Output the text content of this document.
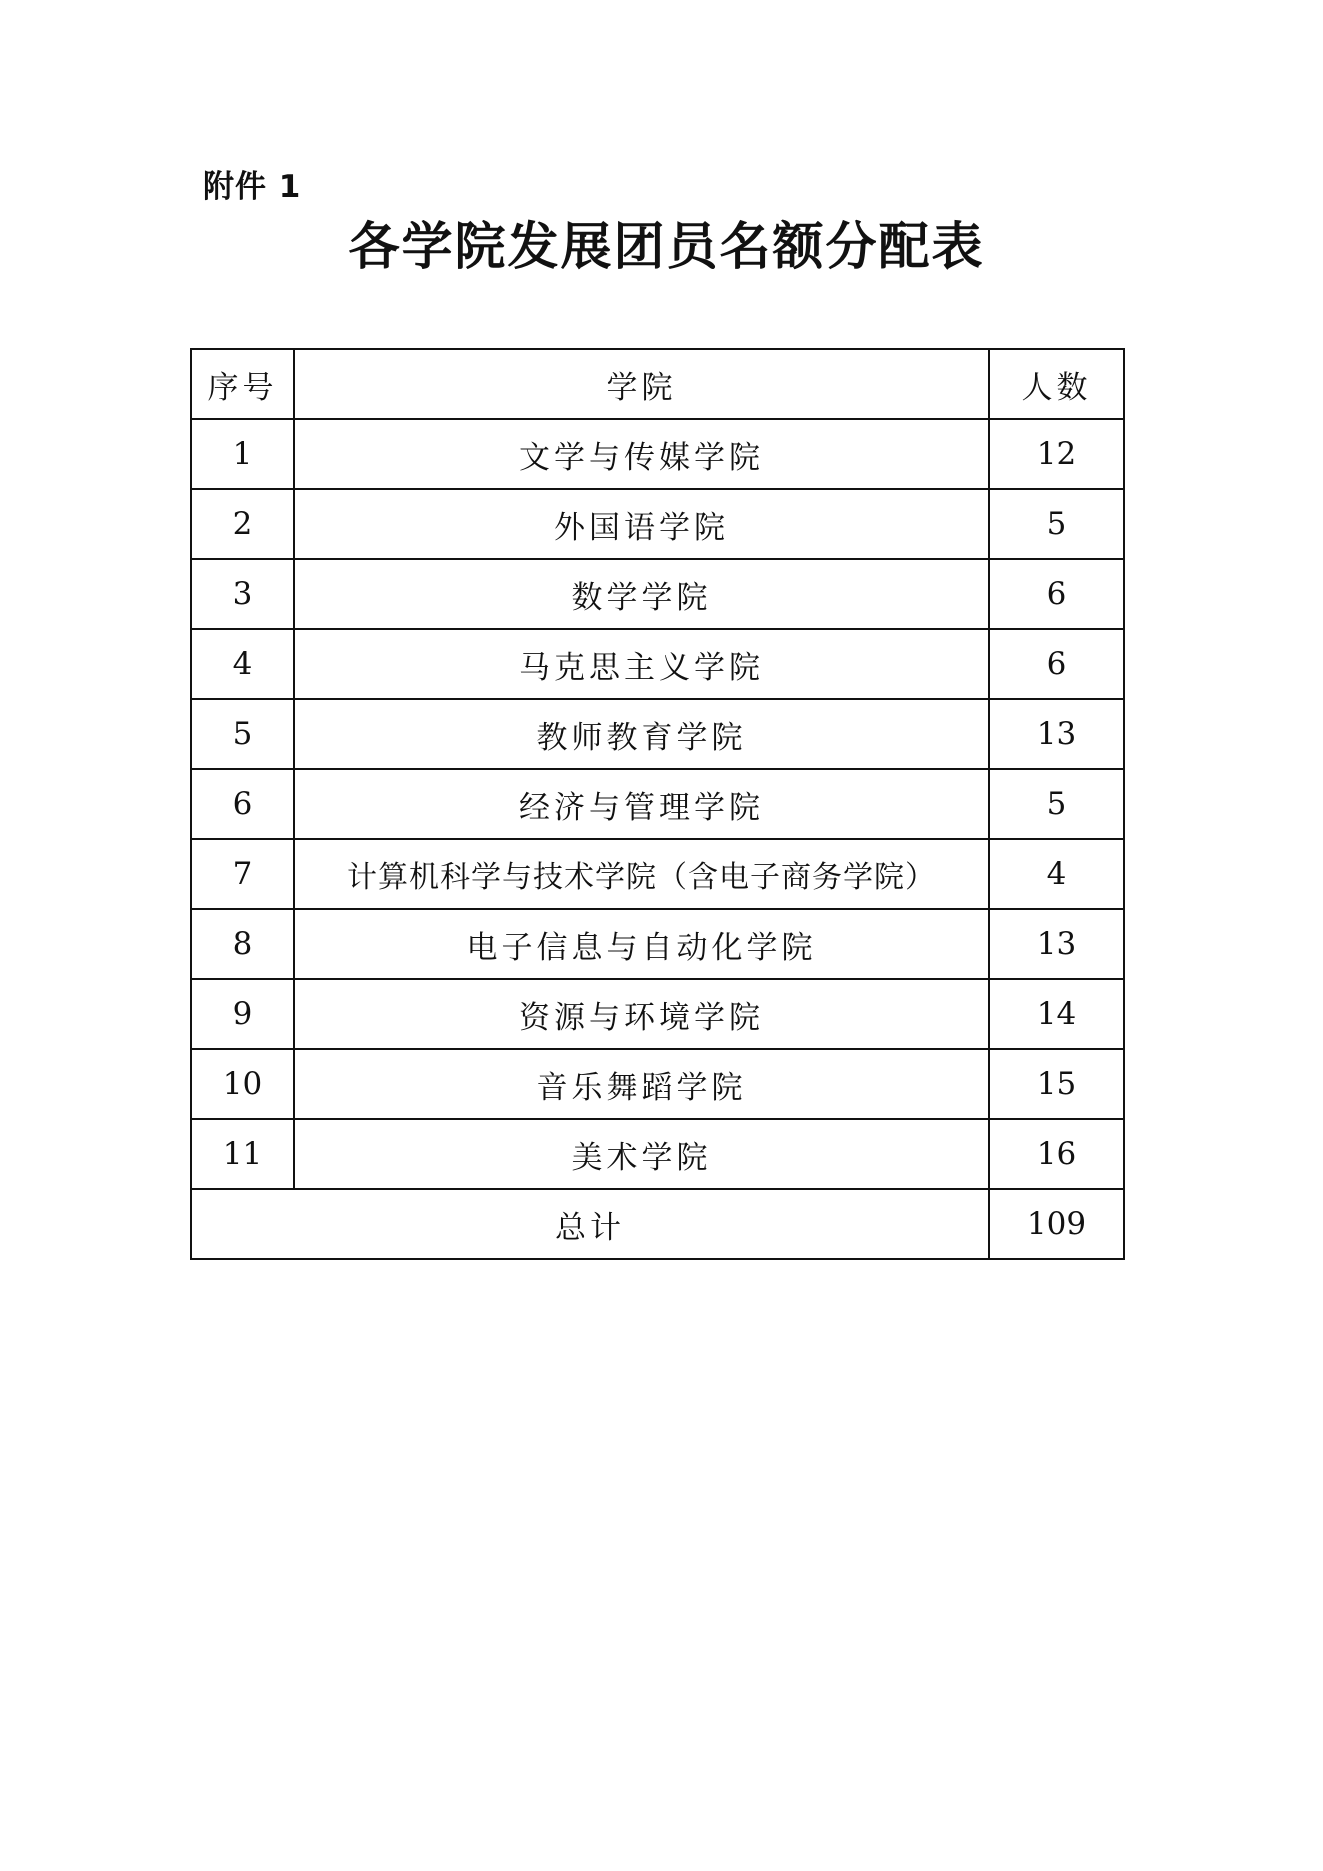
附件 1
各学院发展团员名额分配表
序号	学院	人数
1	文学与传媒学院	12
2	外国语学院	5
3	数学学院	6
4	马克思主义学院	6
5	教师教育学院	13
6	经济与管理学院	5
7	计算机科学与技术学院（含电子商务学院）	4
8	电子信息与自动化学院	13
9	资源与环境学院	14
10	音乐舞蹈学院	15
11	美术学院	16
总计		109
